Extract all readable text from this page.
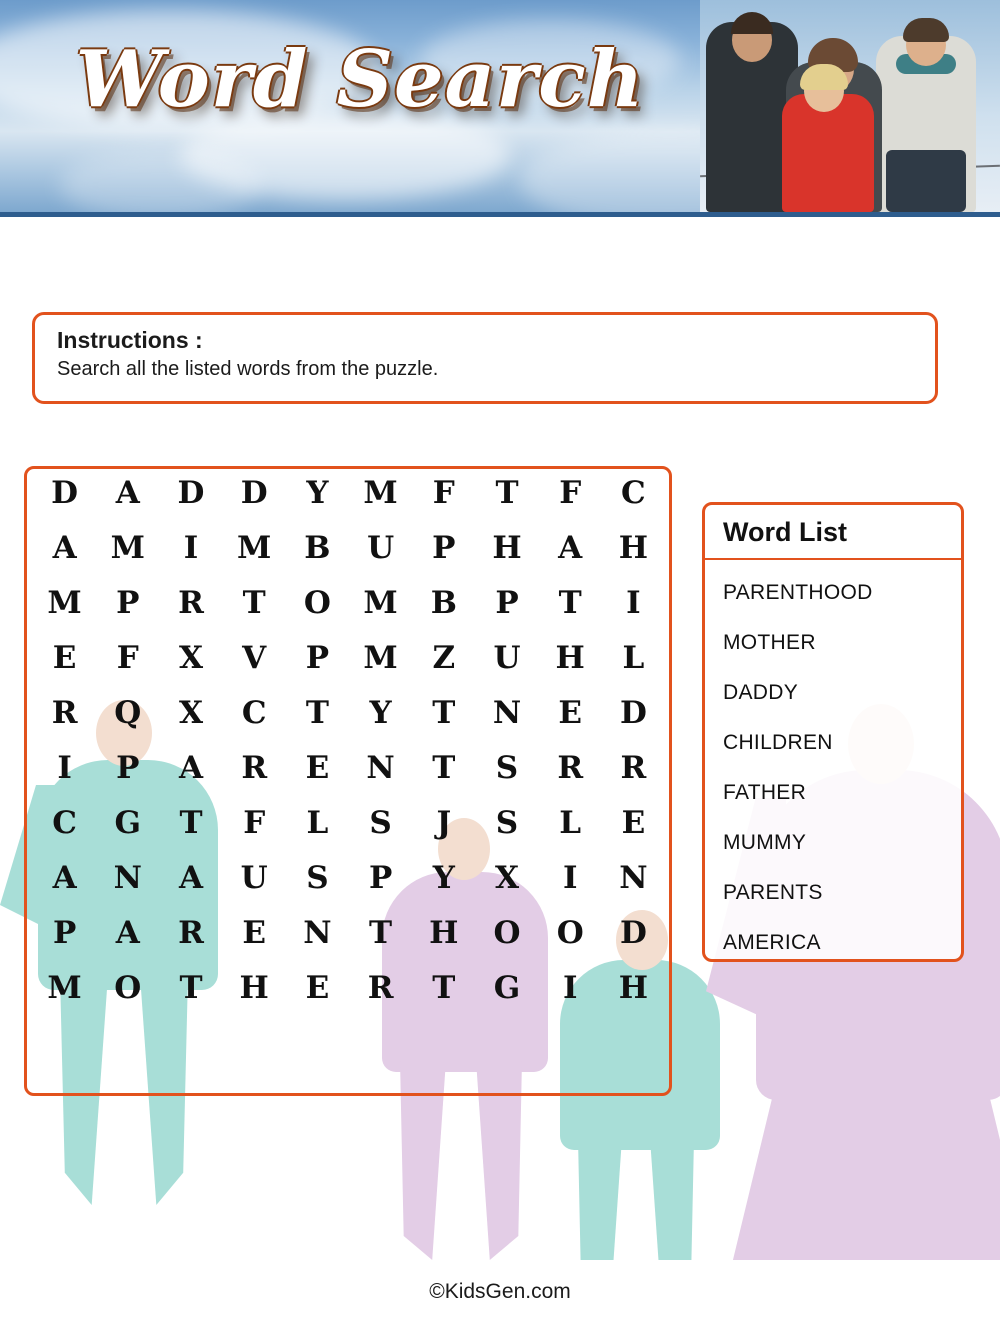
Word Search
Instructions :
Search all the listed words from the puzzle.
D	A	D	D	Y	M	F	T	F	C
A	M	I	M	B	U	P	H	A	H
M	P	R	T	O	M	B	P	T	I
E	F	X	V	P	M	Z	U	H	L
R	Q	X	C	T	Y	T	N	E	D
I	P	A	R	E	N	T	S	R	R
C	G	T	F	L	S	J	S	L	E
A	N	A	U	S	P	Y	X	I	N
P	A	R	E	N	T	H	O	O	D
M	O	T	H	E	R	T	G	I	H
Word List
PARENTHOOD
MOTHER
DADDY
CHILDREN
FATHER
MUMMY
PARENTS
AMERICA
©KidsGen.com
